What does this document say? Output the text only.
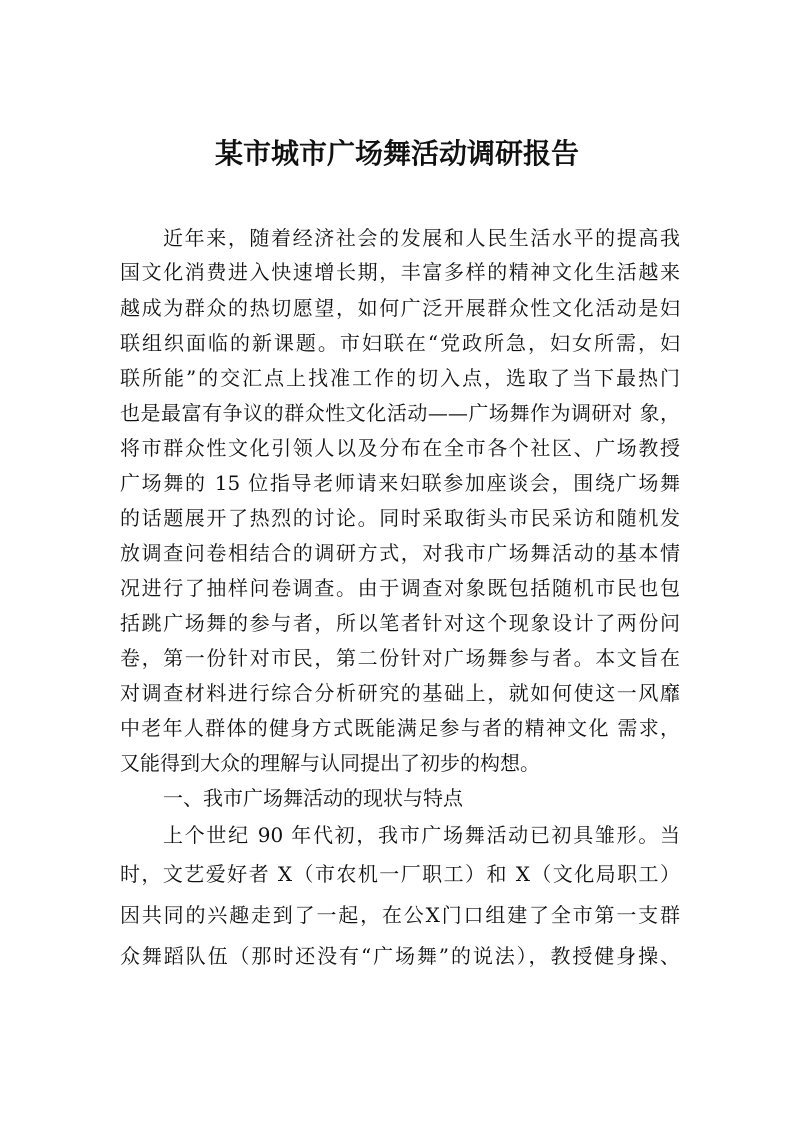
某市城市广场舞活动调研报告

近年来，随着经济社会的发展和人民生活水平的提高我

国文化消费进入快速增长期，丰富多样的精神文化生活越来

越成为群众的热切愿望，如何广泛开展群众性文化活动是妇

联组织面临的新课题。市妇联在“党政所急，妇女所需，妇

联所能”的交汇点上找准工作的切入点，选取了当下最热门

也是最富有争议的群众性文化活动——广场舞作为调研对 象，

将市群众性文化引领人以及分布在全市各个社区、广场教授

广场舞的 15 位指导老师请来妇联参加座谈会，围绕广场舞

的话题展开了热烈的讨论。同时采取街头市民采访和随机发

放调查问卷相结合的调研方式，对我市广场舞活动的基本情

况进行了抽样问卷调查。由于调查对象既包括随机市民也包

括跳广场舞的参与者，所以笔者针对这个现象设计了两份问

卷，第一份针对市民，第二份针对广场舞参与者。本文旨在

对调查材料进行综合分析研究的基础上，就如何使这一风靡

中老年人群体的健身方式既能满足参与者的精神文化 需求，

又能得到大众的理解与认同提出了初步的构想。

一、我市广场舞活动的现状与特点

上个世纪 90 年代初，我市广场舞活动已初具雏形。当

时，文艺爱好者 X（市农机一厂职工）和 X（文化局职工）

因共同的兴趣走到了一起，在公X门口组建了全市第一支群

众舞蹈队伍（那时还没有“广场舞”的说法），教授健身操、
